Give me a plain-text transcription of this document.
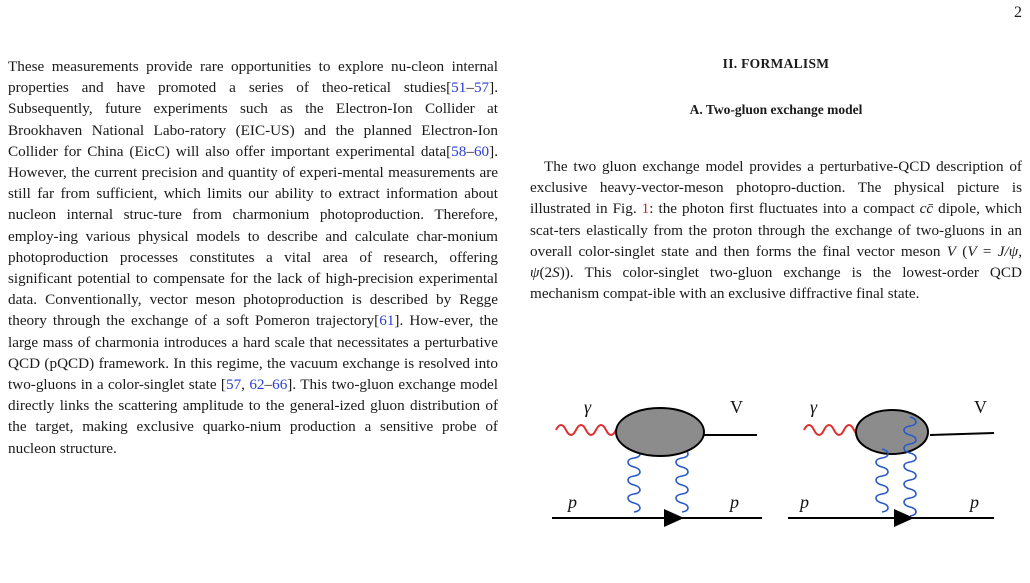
2

These measurements provide rare opportunities to explore nu-cleon internal properties and have promoted a series of theo-retical studies[51–57]. Subsequently, future experiments such as the Electron-Ion Collider at Brookhaven National Labo-ratory (EIC-US) and the planned Electron-Ion Collider for China (EicC) will also offer important experimental data[58–60]. However, the current precision and quantity of experi-mental measurements are still far from sufficient, which limits our ability to extract information about nucleon internal struc-ture from charmonium photoproduction. Therefore, employ-ing various physical models to describe and calculate char-monium photoproduction processes constitutes a vital area of research, offering significant potential to compensate for the lack of high-precision experimental data. Conventionally, vector meson photoproduction is described by Regge theory through the exchange of a soft Pomeron trajectory[61]. How-ever, the large mass of charmonia introduces a hard scale that necessitates a perturbative QCD (pQCD) framework. In this regime, the vacuum exchange is resolved into two-gluons in a color-singlet state [57, 62–66]. This two-gluon exchange model directly links the scattering amplitude to the general-ized gluon distribution of the target, making exclusive quarko-nium production a sensitive probe of nucleon structure.

II. FORMALISM
A. Two-gluon exchange model

The two gluon exchange model provides a perturbative-QCD description of exclusive heavy-vector-meson photopro-duction. The physical picture is illustrated in Fig. 1: the photon first fluctuates into a compact cc̄ dipole, which scat-ters elastically from the proton through the exchange of two-gluons in an overall color-singlet state and then forms the final vector meson V (V = J/ψ, ψ(2S)). This color-singlet two-gluon exchange is the lowest-order QCD mechanism compat-ible with an exclusive diffractive final state.

γ	V
p	p
γ	V
p	p
